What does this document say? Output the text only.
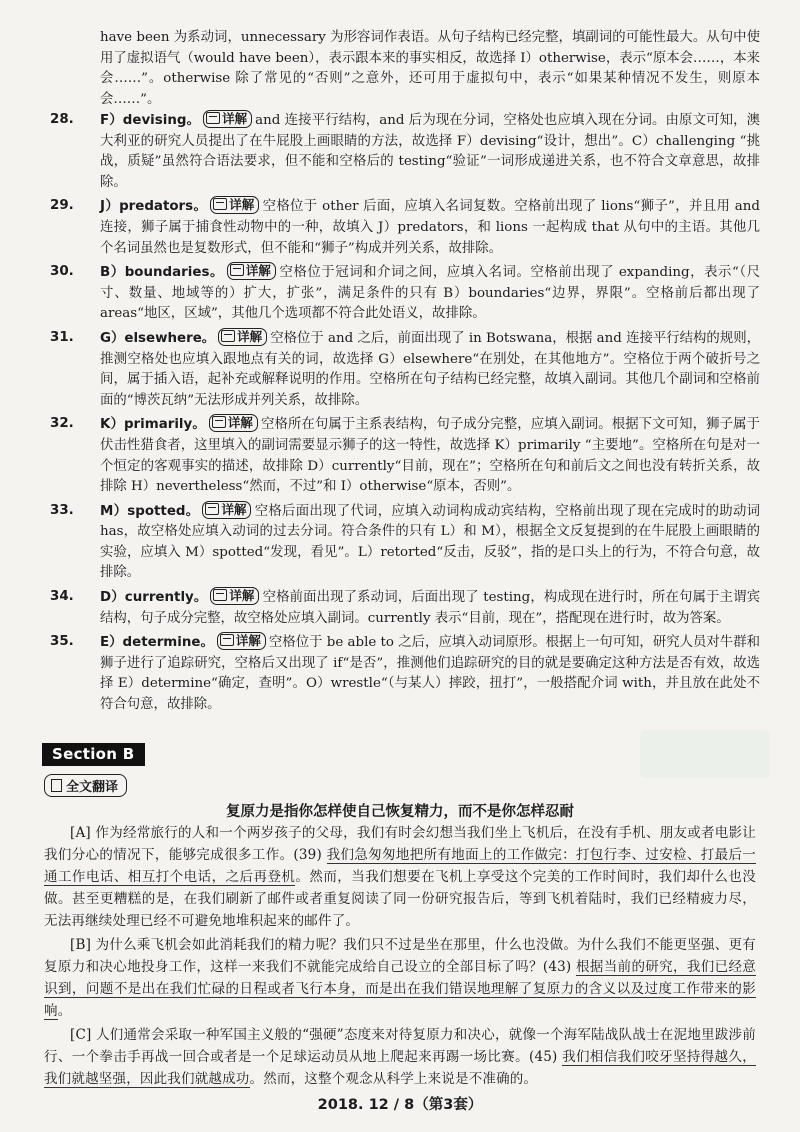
have been 为系动词，unnecessary 为形容词作表语。从句子结构已经完整，填副词的可能性最大。从句中使用了虚拟语气（would have been），表示跟本来的事实相反，故选择 I）otherwise，表示“原本会……，本来会……”。otherwise 除了常见的“否则”之意外，还可用于虚拟句中，表示“如果某种情况不发生，则原本会……”。
28. F）devising。 详解 and 连接平行结构，and 后为现在分词，空格处也应填入现在分词。由原文可知，澳大利亚的研究人员提出了在牛屁股上画眼睛的方法，故选择 F）devising“设计，想出”。C）challenging “挑战，质疑”虽然符合语法要求，但不能和空格后的 testing“验证”一词形成递进关系，也不符合文章意思，故排除。
29. J）predators。 详解 空格位于 other 后面，应填入名词复数。空格前出现了 lions“狮子”，并且用 and 连接，狮子属于捕食性动物中的一种，故填入 J）predators，和 lions 一起构成 that 从句中的主语。其他几个名词虽然也是复数形式，但不能和“狮子”构成并列关系，故排除。
30. B）boundaries。 详解 空格位于冠词和介词之间，应填入名词。空格前出现了 expanding，表示“（尺寸、数量、地域等的）扩大，扩张”，满足条件的只有 B）boundaries“边界，界限”。空格前后都出现了 areas“地区，区域”，其他几个选项都不符合此处语义，故排除。
31. G）elsewhere。 详解 空格位于 and 之后，前面出现了 in Botswana，根据 and 连接平行结构的规则，推测空格处也应填入跟地点有关的词，故选择 G）elsewhere“在别处，在其他地方”。空格位于两个破折号之间，属于插入语，起补充或解释说明的作用。空格所在句子结构已经完整，故填入副词。其他几个副词和空格前面的“博茨瓦纳”无法形成并列关系，故排除。
32. K）primarily。 详解 空格所在句属于主系表结构，句子成分完整，应填入副词。根据下文可知，狮子属于伏击性猎食者，这里填入的副词需要显示狮子的这一特性，故选择 K）primarily “主要地”。空格所在句是对一个恒定的客观事实的描述，故排除 D）currently“目前，现在”；空格所在句和前后文之间也没有转折关系，故排除 H）nevertheless“然而，不过”和 I）otherwise“原本，否则”。
33. M）spotted。 详解 空格后面出现了代词，应填入动词构成动宾结构，空格前出现了现在完成时的助动词 has，故空格处应填入动词的过去分词。符合条件的只有 L）和 M），根据全文反复提到的在牛屁股上画眼睛的实验，应填入 M）spotted“发现，看见”。L）retorted“反击，反驳”，指的是口头上的行为，不符合句意，故排除。
34. D）currently。 详解 空格前面出现了系动词，后面出现了 testing，构成现在进行时，所在句属于主谓宾结构，句子成分完整，故空格处应填入副词。currently 表示“目前，现在”，搭配现在进行时，故为答案。
35. E）determine。 详解 空格位于 be able to 之后，应填入动词原形。根据上一句可知，研究人员对牛群和狮子进行了追踪研究，空格后又出现了 if“是否”，推测他们追踪研究的目的就是要确定这种方法是否有效，故选择 E）determine“确定，查明”。O）wrestle“（与某人）摔跤，扭打”，一般搭配介词 with，并且放在此处不符合句意，故排除。
Section B
全文翻译
复原力是指你怎样使自己恢复精力，而不是你怎样忍耐

[A] 作为经常旅行的人和一个两岁孩子的父母，我们有时会幻想当我们坐上飞机后，在没有手机、朋友或者电影让我们分心的情况下，能够完成很多工作。(39) 我们急匆匆地把所有地面上的工作做完：打包行李、过安检、打最后一通工作电话、相互打个电话，之后再登机。然而，当我们想要在飞机上享受这个完美的工作时间时，我们却什么也没做。甚至更糟糕的是，在我们刷新了邮件或者重复阅读了同一份研究报告后，等到飞机着陆时，我们已经精疲力尽，无法再继续处理已经不可避免地堆积起来的邮件了。

[B] 为什么乘飞机会如此消耗我们的精力呢？我们只不过是坐在那里，什么也没做。为什么我们不能更坚强、更有复原力和决心地投身工作，这样一来我们不就能完成给自己设立的全部目标了吗？(43) 根据当前的研究，我们已经意识到，问题不是出在我们忙碌的日程或者飞行本身，而是出在我们错误地理解了复原力的含义以及过度工作带来的影响。

[C] 人们通常会采取一种军国主义般的“强硬”态度来对待复原力和决心，就像一个海军陆战队战士在泥地里跋涉前行、一个拳击手再战一回合或者是一个足球运动员从地上爬起来再踢一场比赛。(45) 我们相信我们咬牙坚持得越久，我们就越坚强，因此我们就越成功。然而，这整个观念从科学上来说是不准确的。

2018. 12 / 8（第3套）
